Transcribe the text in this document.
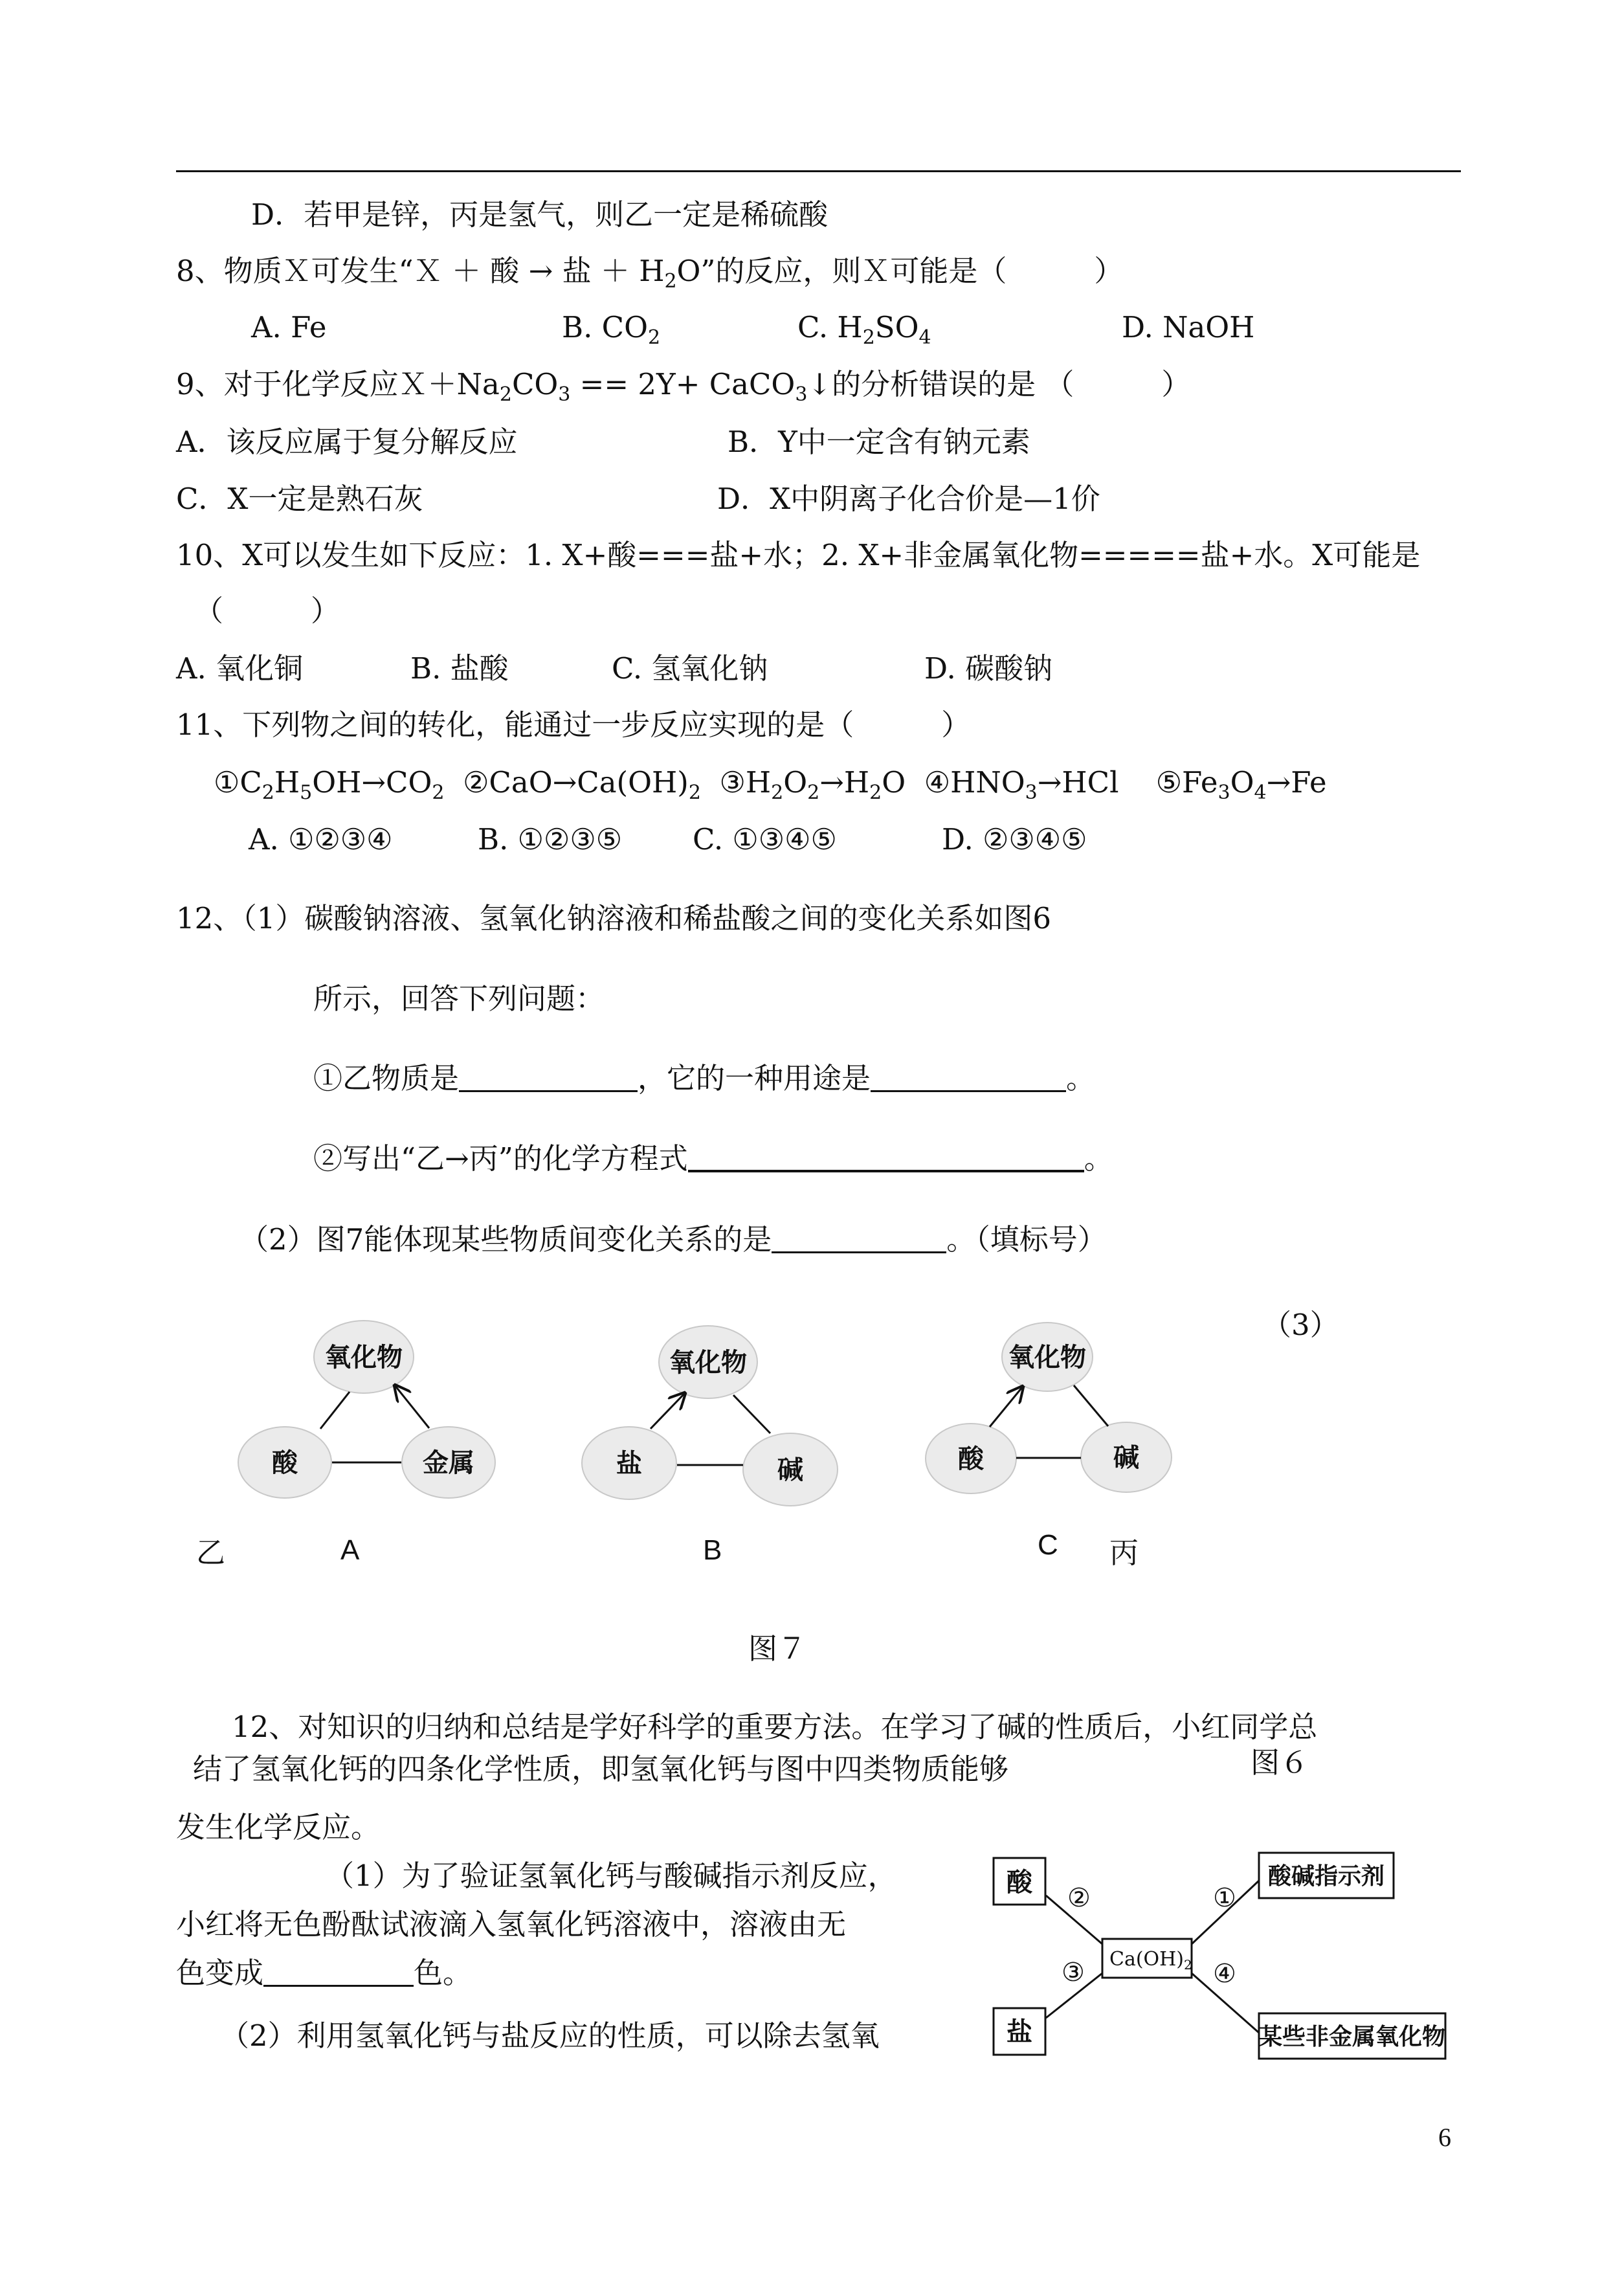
D．若甲是锌，丙是氢气，则乙一定是稀硫酸
8、物质Ｘ可发生“Ｘ ＋ 酸 → 盐 ＋ $H_2O$”的反应，则Ｘ可能是（　　　）
A. Fe	B. $CO_2$	C. $H_2SO_4$	D. NaOH
9、对于化学反应$X+Na_2CO_3 == 2Y+$ CaCO$_3$↓的分析错误的是 （　　　）
A．该反应属于复分解反应	B．Y中一定含有钠元素
C．X一定是熟石灰	D．X中阴离子化合价是—1价
10、X可以发生如下反应：1. X+酸===盐+水；2. X+非金属氧化物=====盐+水。X可能是
（　　　）
A. 氧化铜	B. 盐酸	C. 氢氧化钠	D. 碳酸钠
11、下列物之间的转化，能通过一步反应实现的是（　　　）
$①C_2H_5OH\to CO_2$ $②CaO\to Ca(OH)_2$ $③H_2O_2\to H_2O$ $④HNO_3\to HCl$ $⑤Fe_3O_4\to Fe$
A. ①②③④	B. ①②③⑤ C. ①③④⑤	D. ②③④⑤
12、（1）碳酸钠溶液、氢氧化钠溶液和稀盐酸之间的变化关系如图6
所示，回答下列问题：
①乙物质是	，它的一种用途是	。
②写出“乙→丙”的化学方程式	。
（2）图7能体现某些物质间变化关系的是	。（填标号）
（3）
氧化物
酸	金属
氧化物
盐	碱
氧化物
酸	碱
乙	A	B	C 丙
图７
12、对知识的归纳和总结是学好科学的重要方法。在学习了碱的性质后，小红同学总
结了氢氧化钙的四条化学性质，即氢氧化钙与图中四类物质能够	图６
发生化学反应。
（1）为了验证氢氧化钙与酸碱指示剂反应，
小红将无色酚酞试液滴入氢氧化钙溶液中，溶液由无
色变成	色。
（2）利用氢氧化钙与盐反应的性质，可以除去氢氧
酸
盐
酸碱指示剂
某些非金属氧化物
$Ca(OH)_2$
①
②
③	④
6
